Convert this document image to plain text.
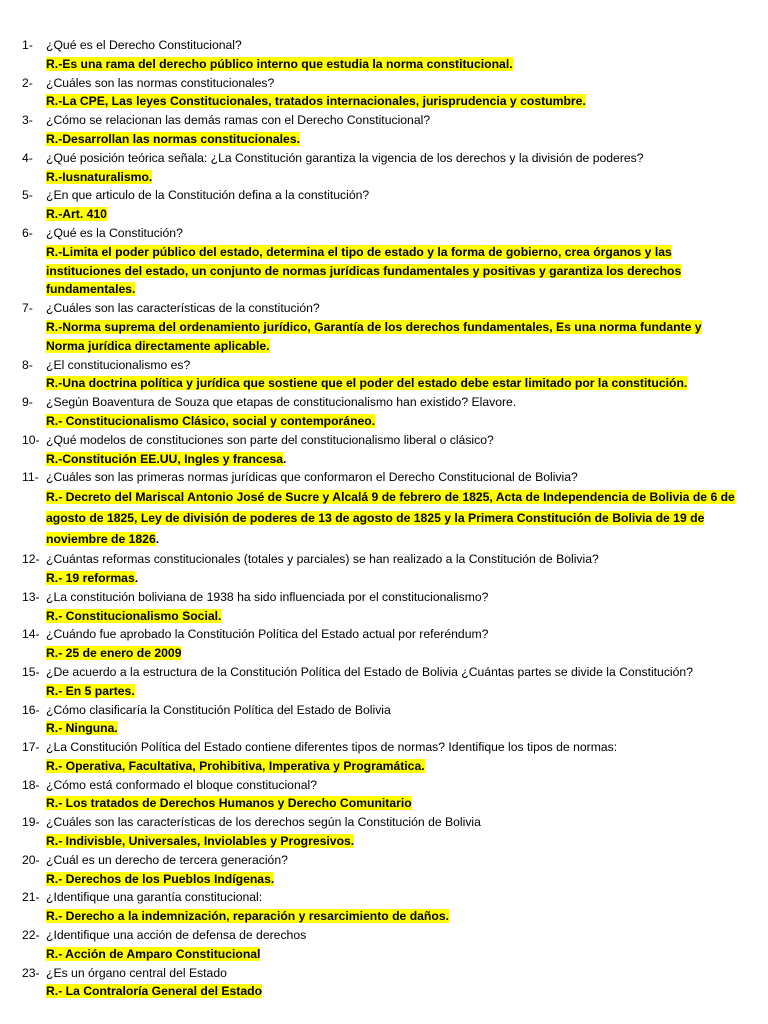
1-	¿Qué es el Derecho Constitucional?
R.-Es una rama del derecho público interno que estudia la norma constitucional.
2-	¿Cuáles son las normas constitucionales?
R.-La CPE, Las leyes Constitucionales, tratados internacionales, jurisprudencia y costumbre.
3-	¿Cómo se relacionan las demás ramas con el Derecho Constitucional?
R.-Desarrollan las normas constitucionales.
4-	¿Qué posición teórica señala: ¿La Constitución garantiza la vigencia de los derechos y la división de poderes?
R.-Iusnaturalismo.
5-	¿En que articulo de la Constitución defina a la constitución?
R.-Art. 410
6-	¿Qué es la Constitución?
R.-Limita el poder público del estado, determina el tipo de estado y la forma de gobierno, crea órganos y las instituciones del estado, un conjunto de normas jurídicas fundamentales y positivas y garantiza los derechos fundamentales.
7-	¿Cuáles son las características de la constitución?
R.-Norma suprema del ordenamiento jurídico, Garantía de los derechos fundamentales, Es una norma fundante y Norma jurídica directamente aplicable.
8-	¿El constitucionalismo es?
R.-Una doctrina política y jurídica que sostiene que el poder del estado debe estar limitado por la constitución.
9-	¿Según Boaventura de Souza que etapas de constitucionalismo han existido? Elavore.
R.- Constitucionalismo Clásico, social y contemporáneo.
10- ¿Qué modelos de constituciones son parte del constitucionalismo liberal o clásico?
R.-Constitución EE.UU, Ingles y francesa.
11- ¿Cuáles son las primeras normas jurídicas que conformaron el Derecho Constitucional de Bolivia?
R.- Decreto del Mariscal Antonio José de Sucre y Alcalá 9 de febrero de 1825, Acta de Independencia de Bolivia de 6 de agosto de 1825, Ley de división de poderes de 13 de agosto de 1825 y la Primera Constitución de Bolivia de 19 de noviembre de 1826.
12- ¿Cuántas reformas constitucionales (totales y parciales) se han realizado a la Constitución de Bolivia?
R.- 19 reformas.
13- ¿La constitución boliviana de 1938 ha sido influenciada por el constitucionalismo?
R.- Constitucionalismo Social.
14- ¿Cuándo fue aprobado la Constitución Política del Estado actual por referéndum?
R.- 25 de enero de 2009
15- ¿De acuerdo a la estructura de la Constitución Política del Estado de Bolivia ¿Cuántas partes se divide la Constitución?
R.- En 5 partes.
16- ¿Cómo clasificaría la Constitución Política del Estado de Bolivia
R.- Ninguna.
17- ¿La Constitución Política del Estado contiene diferentes tipos de normas? Identifique los tipos de normas:
R.- Operativa, Facultativa, Prohibitiva, Imperativa y Programática.
18- ¿Cómo está conformado el bloque constitucional?
R.- Los tratados de Derechos Humanos y Derecho Comunitario
19- ¿Cuáles son las características de los derechos según la Constitución de Bolivia
R.- Indivisble, Universales, Inviolables y Progresivos.
20- ¿Cuál es un derecho de tercera generación?
R.- Derechos de los Pueblos Indígenas.
21- ¿Identifique una garantía constitucional:
R.- Derecho a la indemnización, reparación y resarcimiento de daños.
22- ¿Identifique una acción de defensa de derechos
R.- Acción de Amparo Constitucional
23- ¿Es un órgano central del Estado
R.- La Contraloría General del Estado
